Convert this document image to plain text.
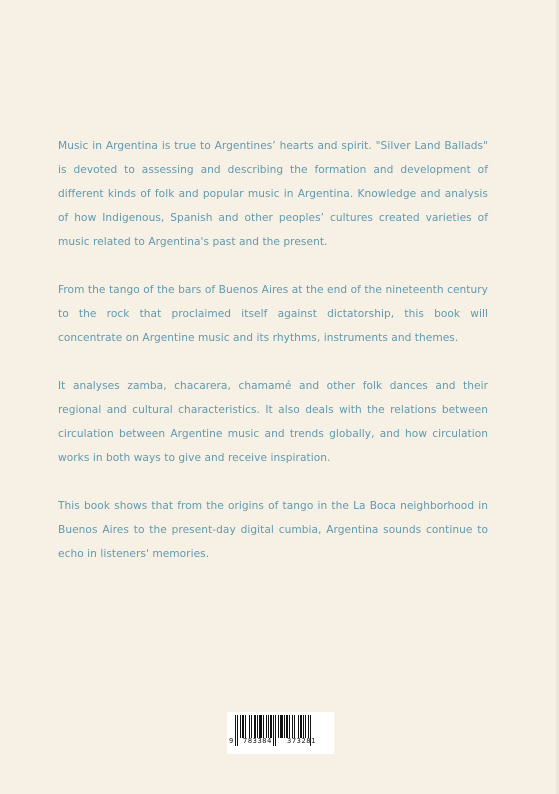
Music in Argentina is true to Argentines’ hearts and spirit. "Silver Land Ballads" is devoted to assessing and describing the formation and development of different kinds of folk and popular music in Argentina. Knowledge and analysis of how Indigenous, Spanish and other peoples’ cultures created varieties of music related to Argentina's past and the present.

From the tango of the bars of Buenos Aires at the end of the nineteenth century to the rock that proclaimed itself against dictatorship, this book will concentrate on Argentine music and its rhythms, instruments and themes.

It analyses zamba, chacarera, chamamé and other folk dances and their regional and cultural characteristics. It also deals with the relations between circulation between Argentine music and trends globally, and how circulation works in both ways to give and receive inspiration.

This book shows that from the origins of tango in the La Boca neighborhood in Buenos Aires to the present-day digital cumbia, Argentina sounds continue to echo in listeners' memories.

9 783384 373281
